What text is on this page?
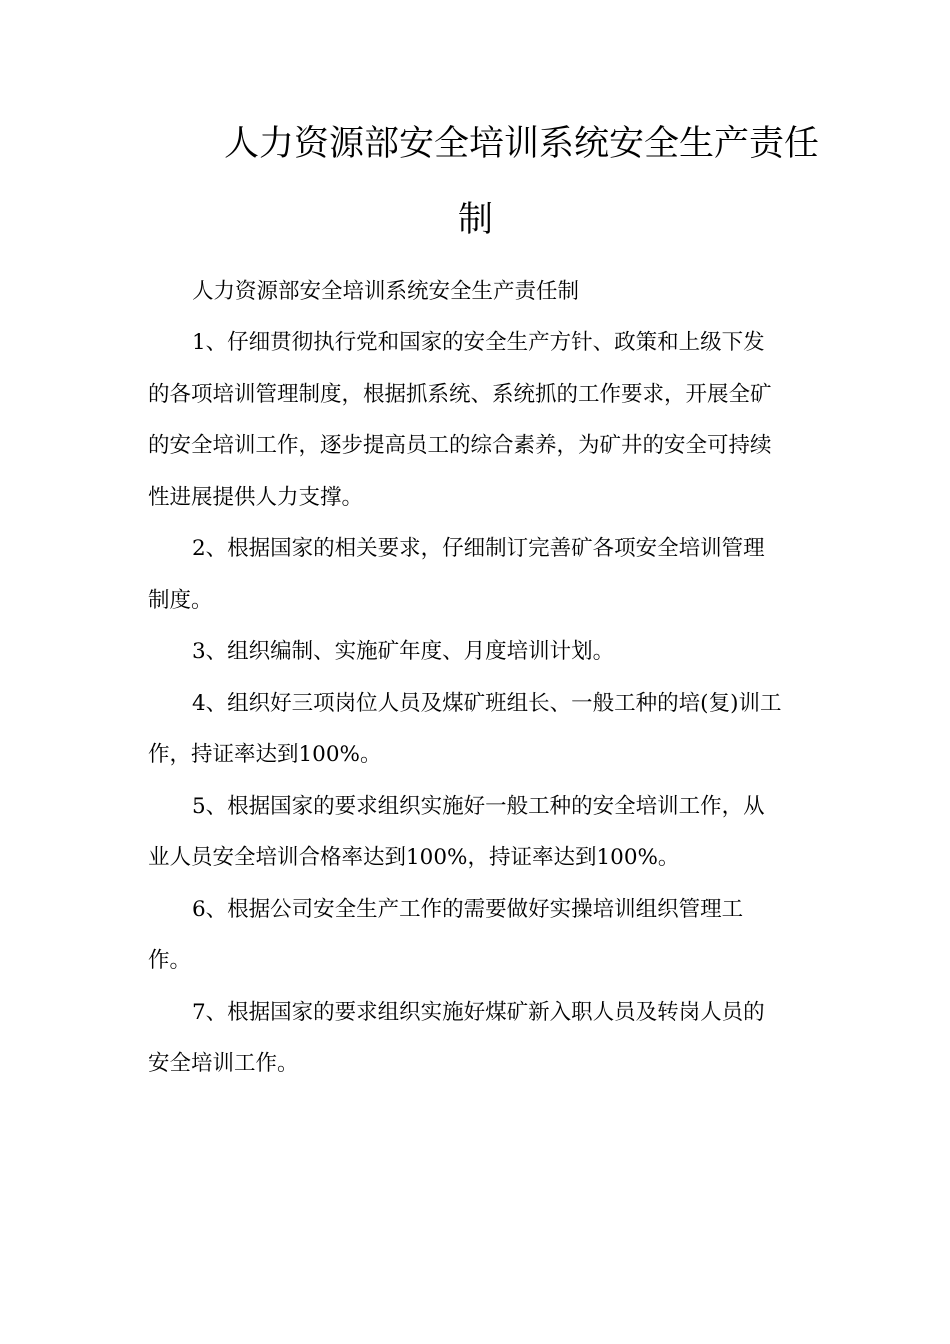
人力资源部安全培训系统安全生产责任
制
人力资源部安全培训系统安全生产责任制
1、仔细贯彻执行党和国家的安全生产方针、政策和上级下发
的各项培训管理制度，根据抓系统、系统抓的工作要求，开展全矿
的安全培训工作，逐步提高员工的综合素养，为矿井的安全可持续
性进展提供人力支撑。
2、根据国家的相关要求，仔细制订完善矿各项安全培训管理
制度。
3、组织编制、实施矿年度、月度培训计划。
4、组织好三项岗位人员及煤矿班组长、一般工种的培(复)训工
作，持证率达到100%。
5、根据国家的要求组织实施好一般工种的安全培训工作，从
业人员安全培训合格率达到100%，持证率达到100%。
6、根据公司安全生产工作的需要做好实操培训组织管理工
作。
7、根据国家的要求组织实施好煤矿新入职人员及转岗人员的
安全培训工作。
